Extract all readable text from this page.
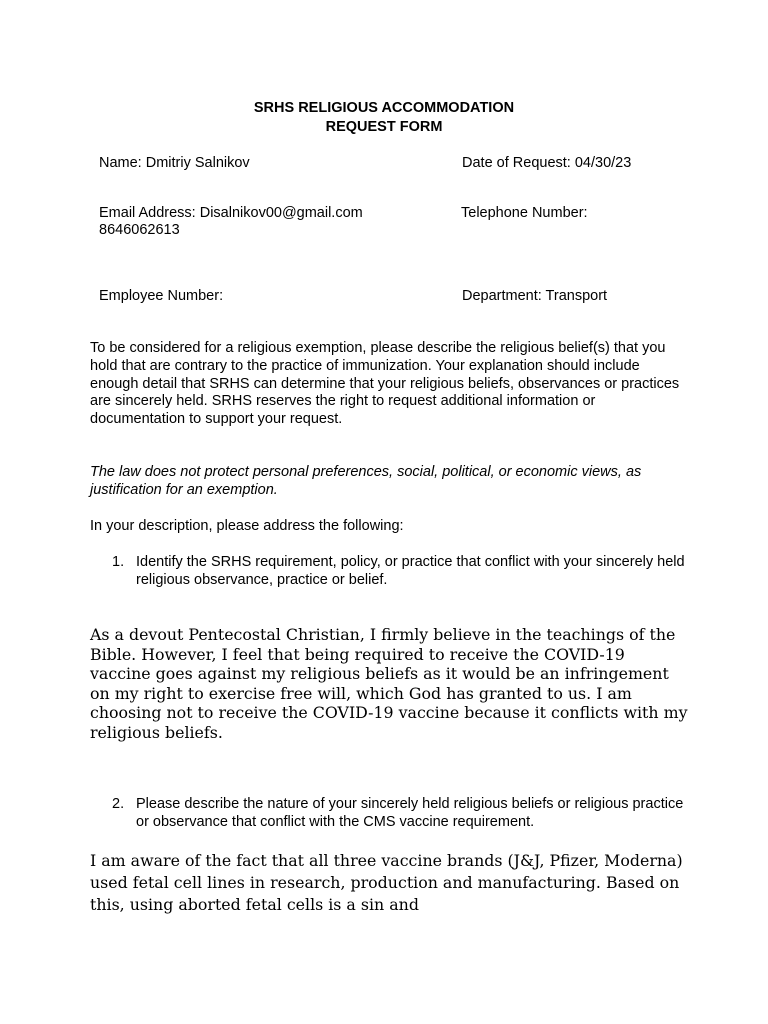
SRHS RELIGIOUS ACCOMMODATION
REQUEST FORM
Name: Dmitriy Salnikov	Date of Request: 04/30/23
Email Address: Disalnikov00@gmail.com	Telephone Number:
8646062613
Employee Number:	Department: Transport
To be considered for a religious exemption, please describe the religious belief(s) that you hold that are contrary to the practice of immunization. Your explanation should include enough detail that SRHS can determine that your religious beliefs, observances or practices are sincerely held. SRHS reserves the right to request additional information or documentation to support your request.
The law does not protect personal preferences, social, political, or economic views, as justification for an exemption.
In your description, please address the following:
1. Identify the SRHS requirement, policy, or practice that conflict with your sincerely held religious observance, practice or belief.
As a devout Pentecostal Christian, I firmly believe in the teachings of the Bible. However, I feel that being required to receive the COVID-19 vaccine goes against my religious beliefs as it would be an infringement on my right to exercise free will, which God has granted to us. I am choosing not to receive the COVID-19 vaccine because it conflicts with my religious beliefs.
2. Please describe the nature of your sincerely held religious beliefs or religious practice or observance that conflict with the CMS vaccine requirement.
I am aware of the fact that all three vaccine brands (J&J, Pfizer, Moderna) used fetal cell lines in research, production and manufacturing. Based on this, using aborted fetal cells is a sin and
